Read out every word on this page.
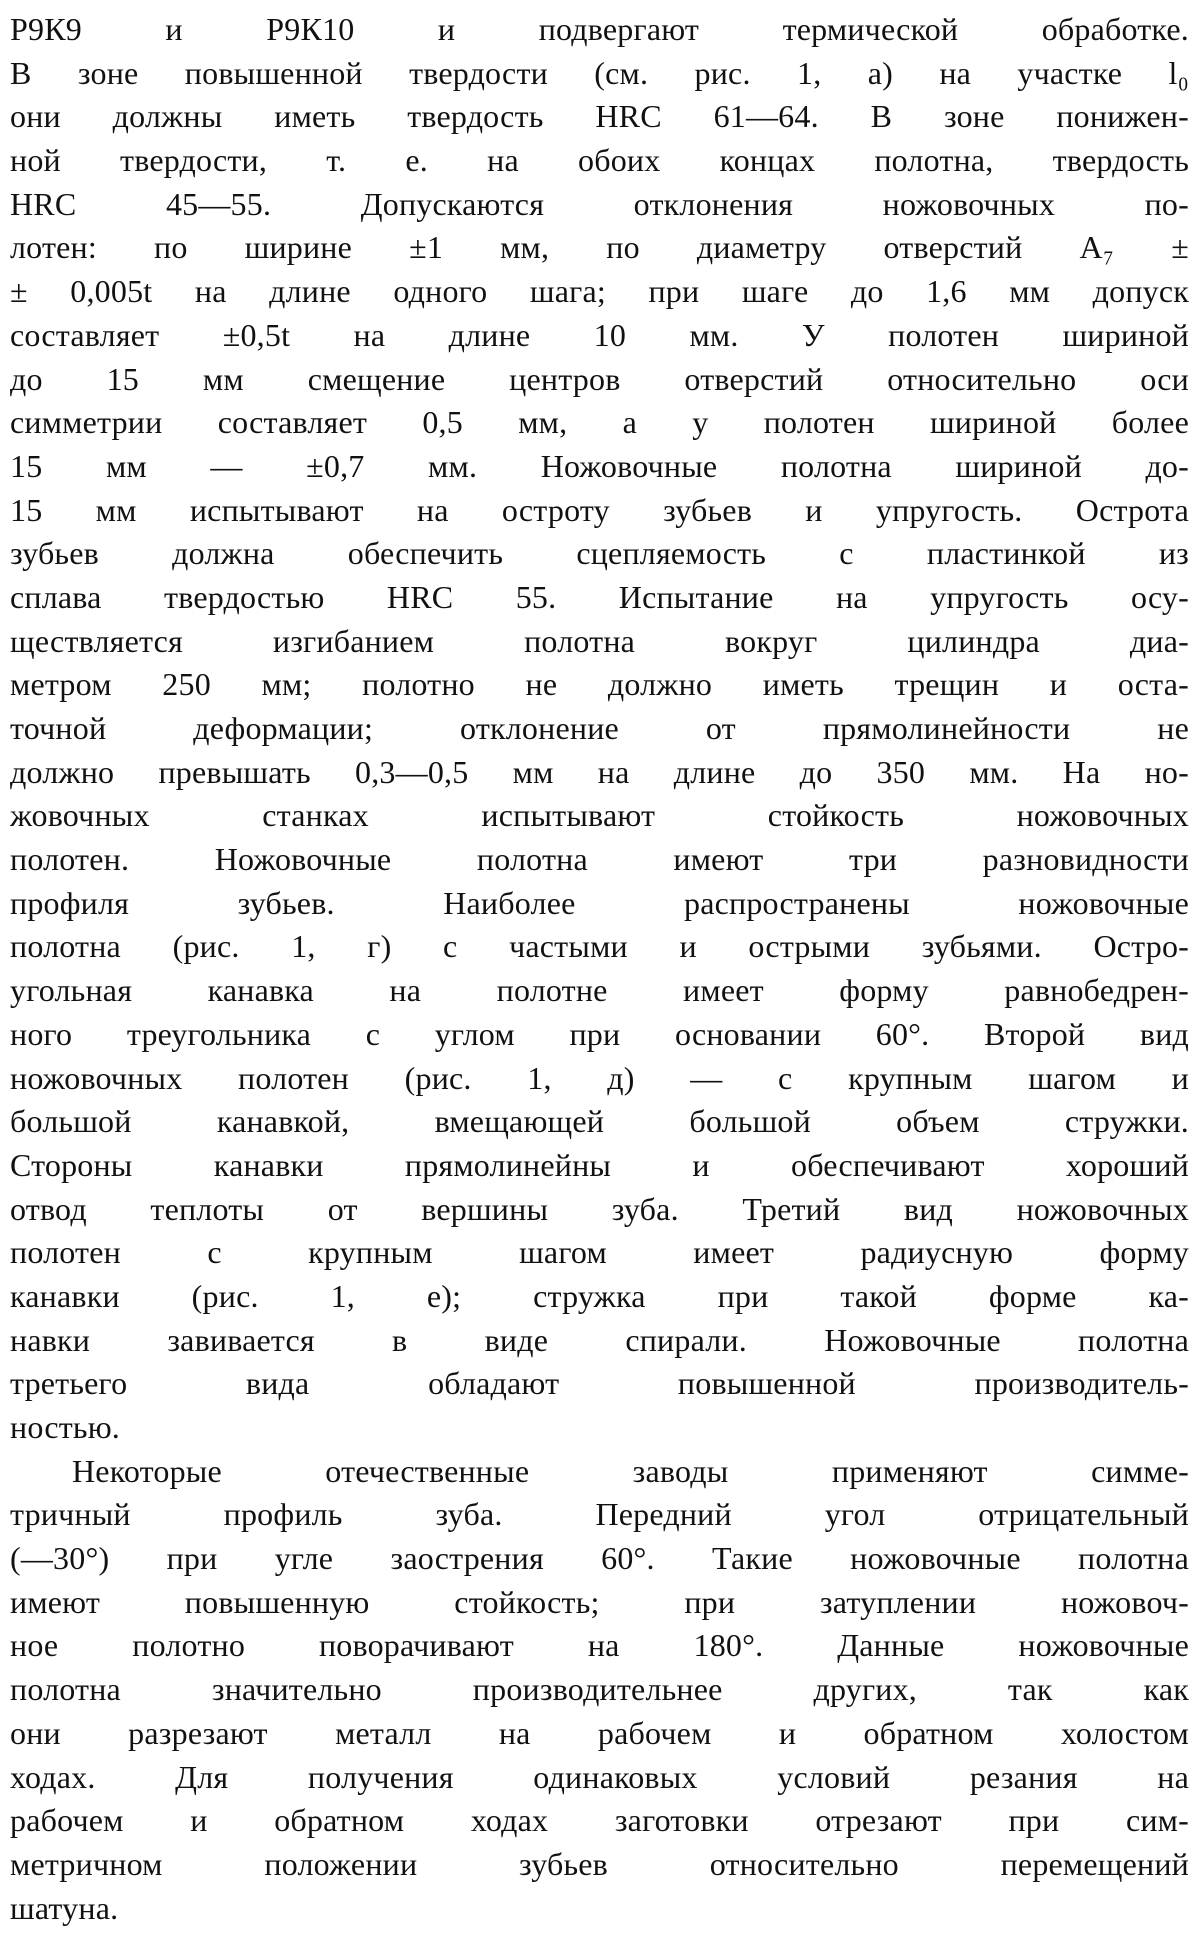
Р9К9 и Р9К10 и подвергают термической обработке.
В зоне повышенной твердости (см. рис. 1, а) на участке l₀
они должны иметь твердость HRC 61—64. В зоне понижен-
ной твердости, т. е. на обоих концах полотна, твердость
HRC 45—55. Допускаются отклонения ножовочных по-
лотен: по ширине ±1 мм, по диаметру отверстий A₇ ±
± 0,005t на длине одного шага; при шаге до 1,6 мм допуск
составляет ±0,5t на длине 10 мм. У полотен шириной
до 15 мм смещение центров отверстий относительно оси
симметрии составляет 0,5 мм, а у полотен шириной более
15 мм — ±0,7 мм. Ножовочные полотна шириной до-
15 мм испытывают на остроту зубьев и упругость. Острота
зубьев должна обеспечить сцепляемость с пластинкой из
сплава твердостью HRC 55. Испытание на упругость осу-
ществляется изгибанием полотна вокруг цилиндра диа-
метром 250 мм; полотно не должно иметь трещин и оста-
точной деформации; отклонение от прямолинейности не
должно превышать 0,3—0,5 мм на длине до 350 мм. На но-
жовочных станках испытывают стойкость ножовочных
полотен. Ножовочные полотна имеют три разновидности
профиля зубьев. Наиболее распространены ножовочные
полотна (рис. 1, г) с частыми и острыми зубьями. Остро-
угольная канавка на полотне имеет форму равнобедрен-
ного треугольника с углом при основании 60°. Второй вид
ножовочных полотен (рис. 1, д) — с крупным шагом и
большой канавкой, вмещающей большой объем стружки.
Стороны канавки прямолинейны и обеспечивают хороший
отвод теплоты от вершины зуба. Третий вид ножовочных
полотен с крупным шагом имеет радиусную форму
канавки (рис. 1, е); стружка при такой форме ка-
навки завивается в виде спирали. Ножовочные полотна
третьего вида обладают повышенной производитель-
ностью.
Некоторые отечественные заводы применяют симме-
тричный профиль зуба. Передний угол отрицательный
(—30°) при угле заострения 60°. Такие ножовочные полотна
имеют повышенную стойкость; при затуплении ножовоч-
ное полотно поворачивают на 180°. Данные ножовочные
полотна значительно производительнее других, так как
они разрезают металл на рабочем и обратном холостом
ходах. Для получения одинаковых условий резания на
рабочем и обратном ходах заготовки отрезают при сим-
метричном положении зубьев относительно перемещений
шатуна.
